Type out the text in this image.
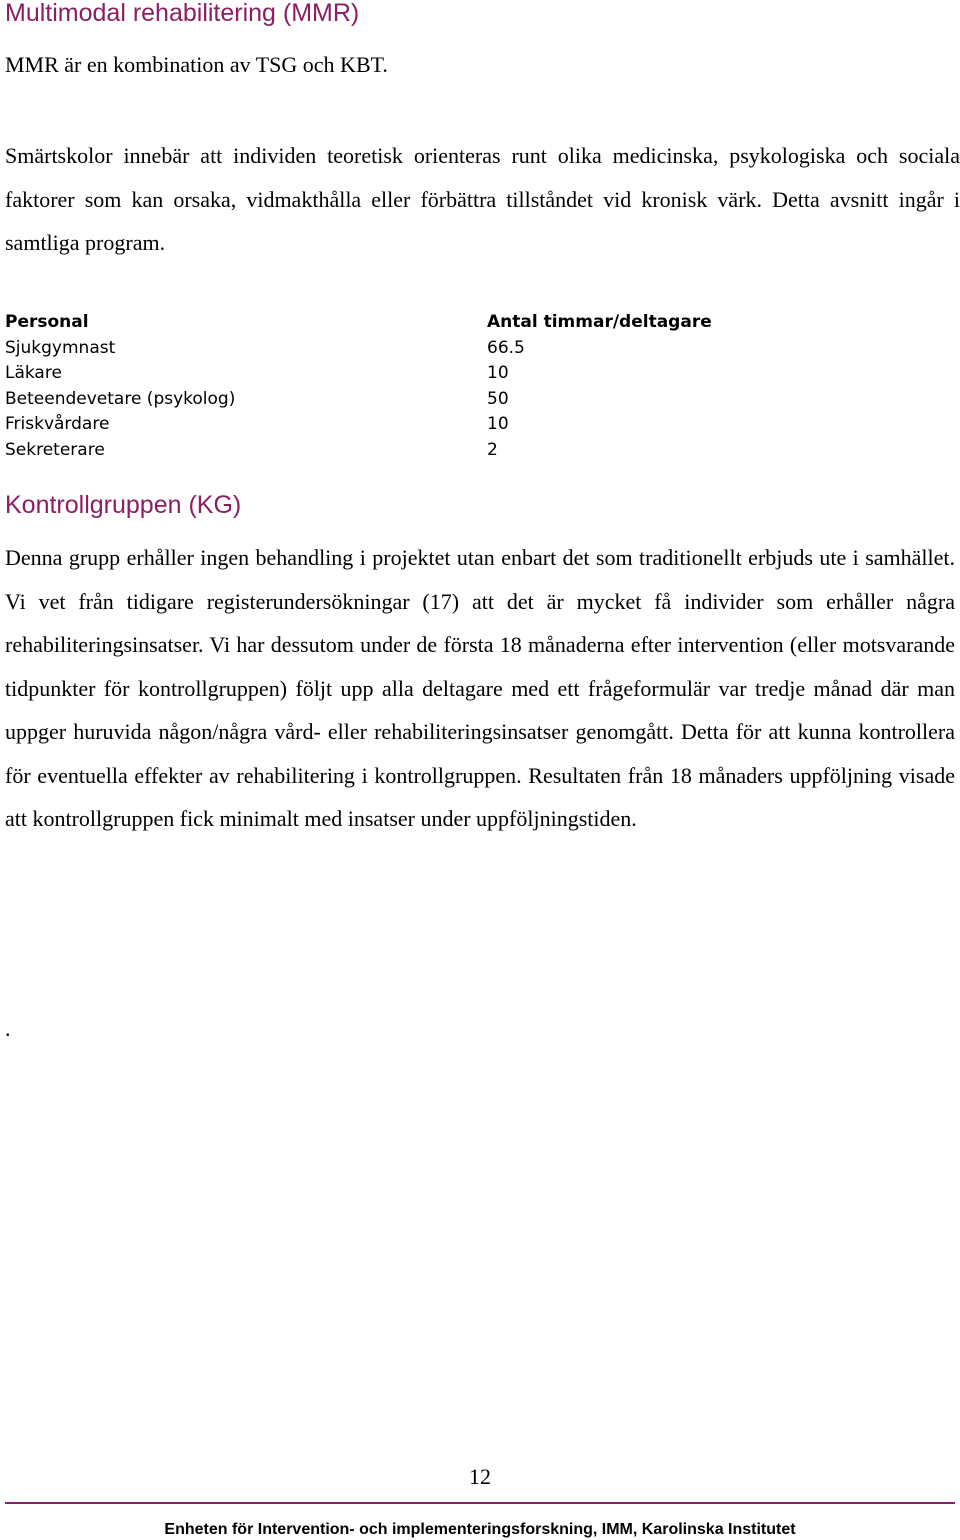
Multimodal rehabilitering (MMR)

MMR är en kombination av TSG och KBT.

Smärtskolor innebär att individen teoretisk orienteras runt olika medicinska, psykologiska och sociala faktorer som kan orsaka, vidmakthålla eller förbättra tillståndet vid kronisk värk. Detta avsnitt ingår i samtliga program.

Personal	Antal timmar/deltagare
Sjukgymnast	66.5
Läkare	10
Beteendevetare (psykolog)	50
Friskvårdare	10
Sekreterare	2
Kontrollgruppen (KG)

Denna grupp erhåller ingen behandling i projektet utan enbart det som traditionellt erbjuds ute i samhället. Vi vet från tidigare registerundersökningar (17) att det är mycket få individer som erhåller några rehabiliteringsinsatser. Vi har dessutom under de första 18 månaderna efter intervention (eller motsvarande tidpunkter för kontrollgruppen) följt upp alla deltagare med ett frågeformulär var tredje månad där man uppger huruvida någon/några vård- eller rehabiliteringsinsatser genomgått. Detta för att kunna kontrollera för eventuella effekter av rehabilitering i kontrollgruppen. Resultaten från 18 månaders uppföljning visade att kontrollgruppen fick minimalt med insatser under uppföljningstiden.

.

12

Enheten för Intervention- och implementeringsforskning, IMM, Karolinska Institutet
